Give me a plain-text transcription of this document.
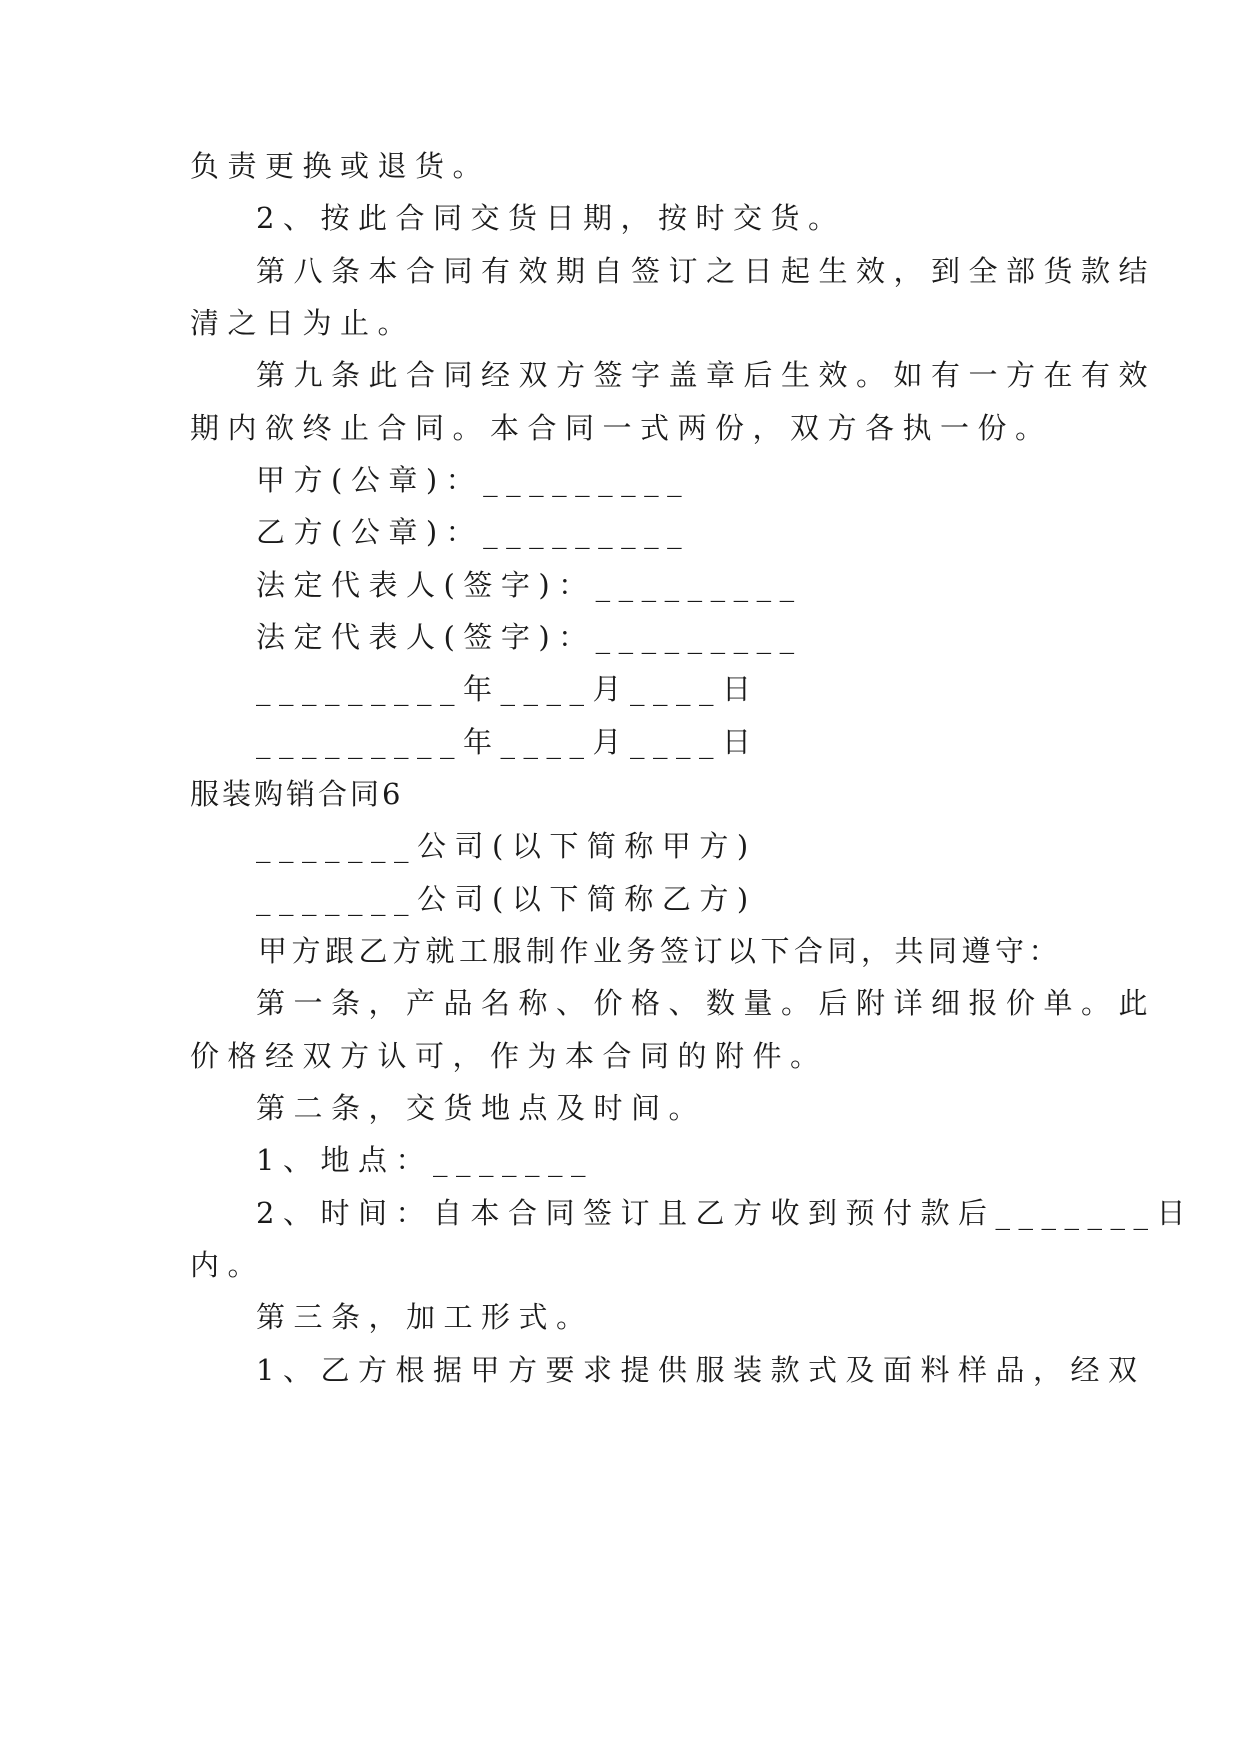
负责更换或退货。
2、按此合同交货日期，按时交货。
第八条本合同有效期自签订之日起生效，到全部货款结
清之日为止。
第九条此合同经双方签字盖章后生效。如有一方在有效
期内欲终止合同。本合同一式两份，双方各执一份。
甲方(公章)：_________
乙方(公章)：_________
法定代表人(签字)：_________
法定代表人(签字)：_________
_________年____月____日
_________年____月____日
服装购销合同6
_______公司(以下简称甲方)
_______公司(以下简称乙方)
甲方跟乙方就工服制作业务签订以下合同，共同遵守：
第一条，产品名称、价格、数量。后附详细报价单。此
价格经双方认可，作为本合同的附件。
第二条，交货地点及时间。
1、地点：_______
2、时间：自本合同签订且乙方收到预付款后_______日
内。
第三条，加工形式。
1、乙方根据甲方要求提供服装款式及面料样品，经双
